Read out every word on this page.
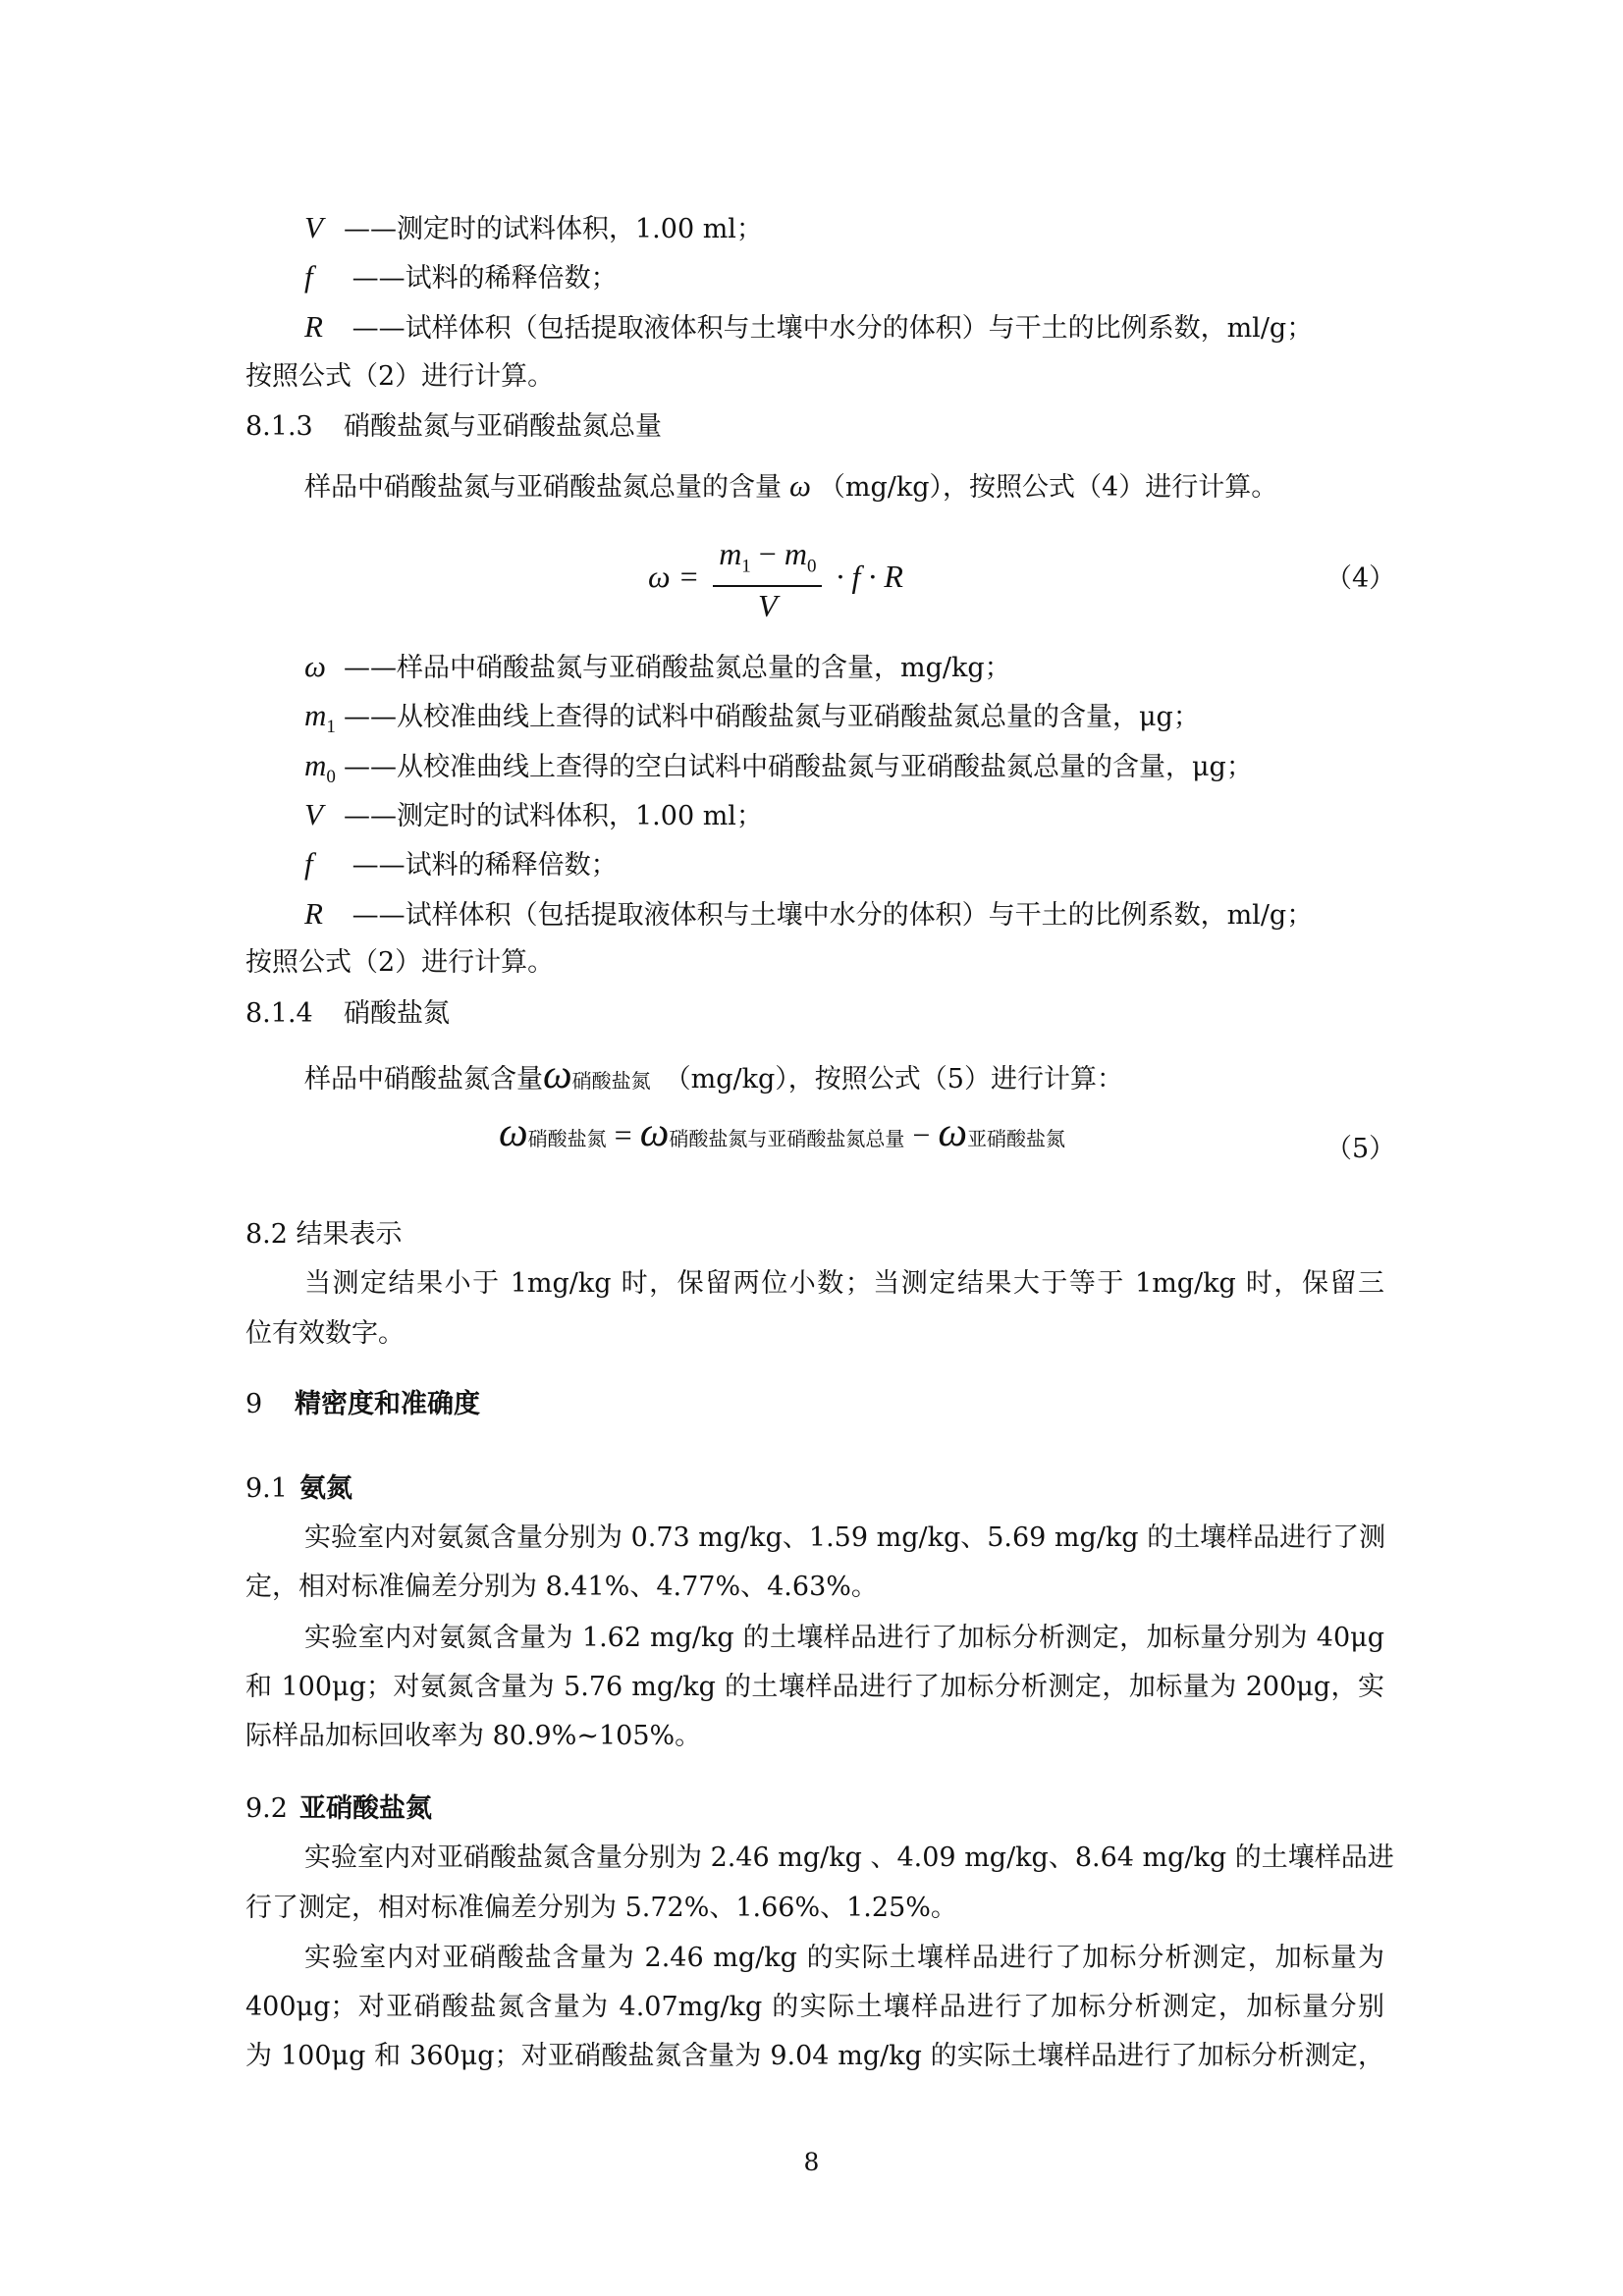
V ——测定时的试料体积，1.00 ml；
f ——试料的稀释倍数；
R ——试样体积（包括提取液体积与土壤中水分的体积）与干土的比例系数，ml/g；
按照公式（2）进行计算。
8.1.3 硝酸盐氮与亚硝酸盐氮总量
样品中硝酸盐氮与亚硝酸盐氮总量的含量 ω （mg/kg），按照公式（4）进行计算。
$\omega = \frac{m_1 - m_0}{V} \cdot f \cdot R$	（4）
ω ——样品中硝酸盐氮与亚硝酸盐氮总量的含量，mg/kg；
$m_1$ ——从校准曲线上查得的试料中硝酸盐氮与亚硝酸盐氮总量的含量，μg；
$m_0$ ——从校准曲线上查得的空白试料中硝酸盐氮与亚硝酸盐氮总量的含量，μg；
V ——测定时的试料体积，1.00 ml；
f ——试料的稀释倍数；
R ——试样体积（包括提取液体积与土壤中水分的体积）与干土的比例系数，ml/g；
按照公式（2）进行计算。
8.1.4 硝酸盐氮
样品中硝酸盐氮含量ω硝酸盐氮 （mg/kg），按照公式（5）进行计算：
ω硝酸盐氮 = ω硝酸盐氮与亚硝酸盐氮总量 − ω亚硝酸盐氮	（5）
8.2 结果表示
当测定结果小于 1mg/kg 时，保留两位小数；当测定结果大于等于 1mg/kg 时，保留三
位有效数字。
9 精密度和准确度
9.1 氨氮
实验室内对氨氮含量分别为 0.73 mg/kg、1.59 mg/kg、5.69 mg/kg 的土壤样品进行了测
定，相对标准偏差分别为 8.41%、4.77%、4.63%。
实验室内对氨氮含量为 1.62 mg/kg 的土壤样品进行了加标分析测定，加标量分别为 40μg
和 100μg；对氨氮含量为 5.76 mg/kg 的土壤样品进行了加标分析测定，加标量为 200μg，实
际样品加标回收率为 80.9%~105%。
9.2 亚硝酸盐氮
实验室内对亚硝酸盐氮含量分别为 2.46 mg/kg 、4.09 mg/kg、8.64 mg/kg 的土壤样品进
行了测定，相对标准偏差分别为 5.72%、1.66%、1.25%。
实验室内对亚硝酸盐含量为 2.46 mg/kg 的实际土壤样品进行了加标分析测定，加标量为
400μg；对亚硝酸盐氮含量为 4.07mg/kg 的实际土壤样品进行了加标分析测定，加标量分别
为 100μg 和 360μg；对亚硝酸盐氮含量为 9.04 mg/kg 的实际土壤样品进行了加标分析测定，
8
